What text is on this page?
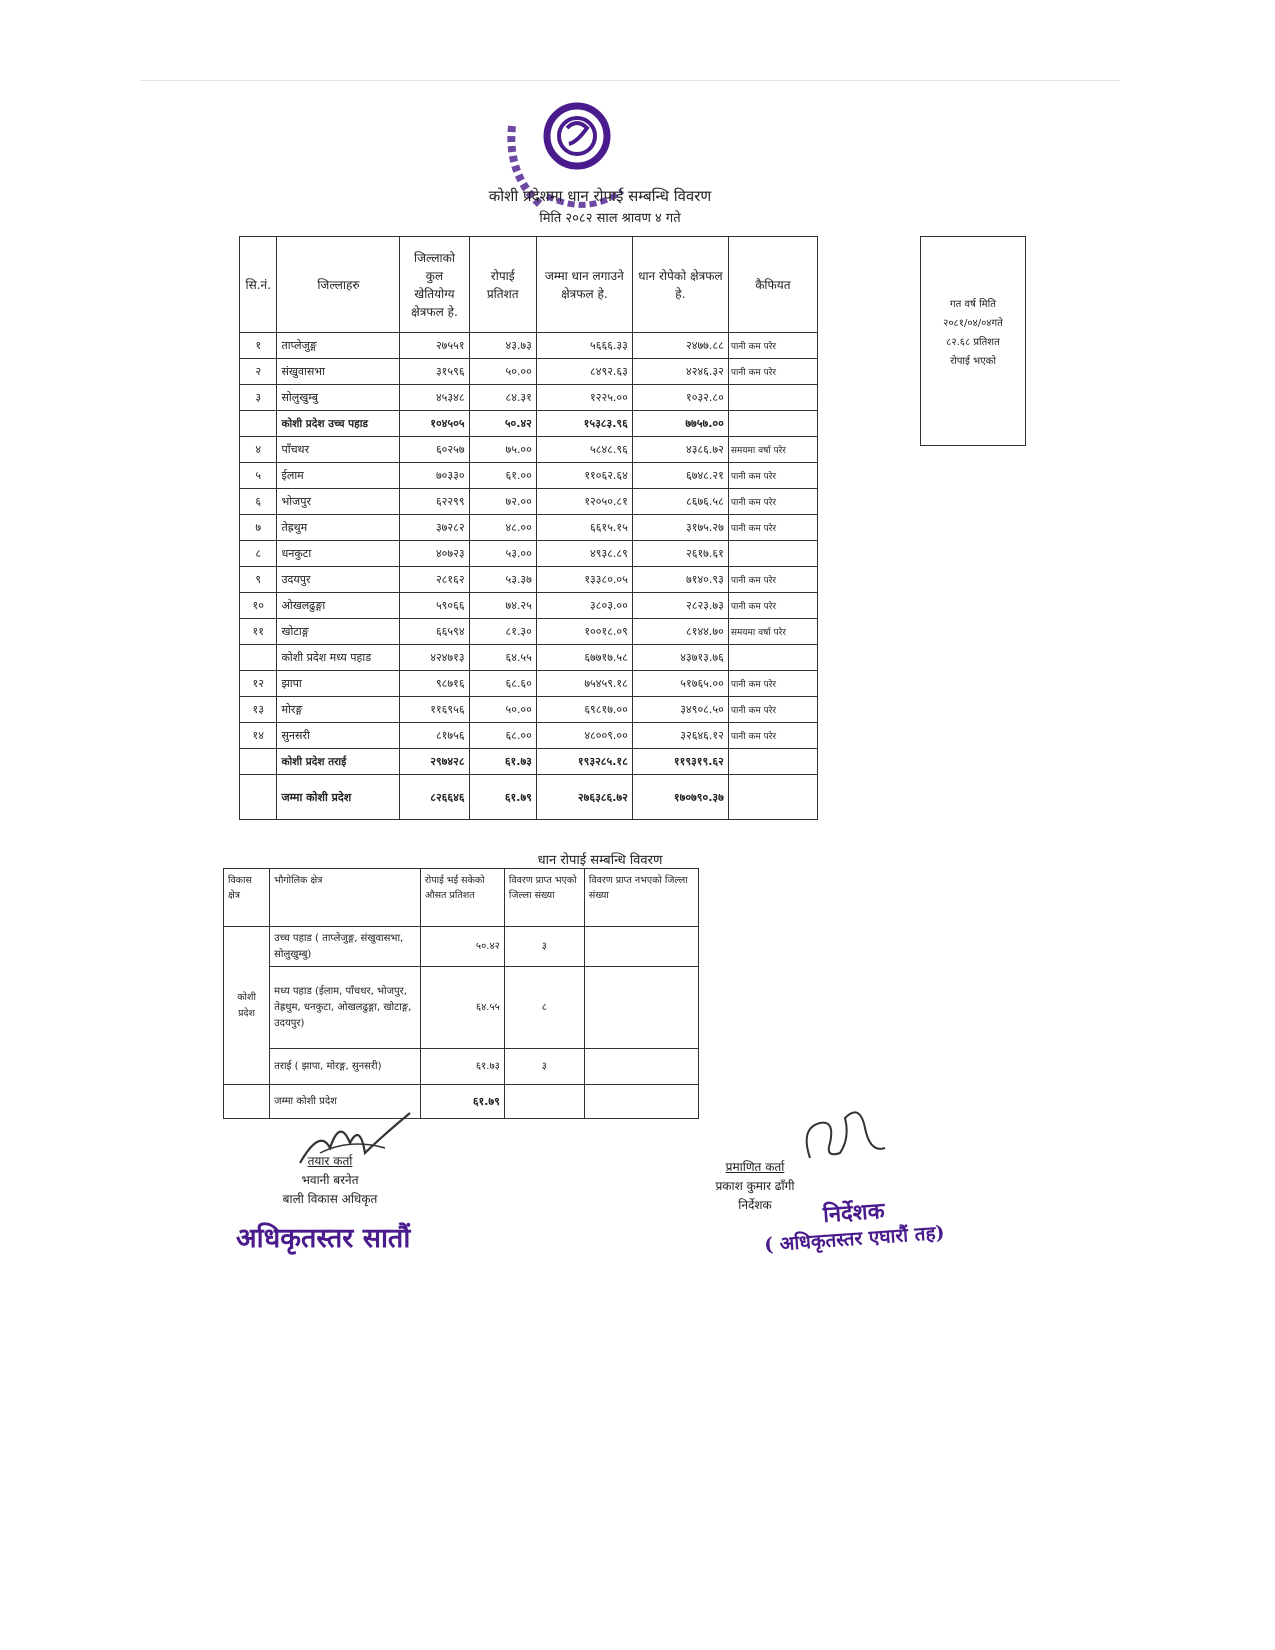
कोशी प्रदेशमा धान रोपाई सम्बन्धि विवरण
मिति २०८२ साल श्रावण ४ गते
सि.नं.	जिल्लाहरु	जिल्लाको कुल खेतियोग्य क्षेत्रफल हे.	रोपाई प्रतिशत	जम्मा धान लगाउने क्षेत्रफल हे.	धान रोपेको क्षेत्रफल हे.	कैफियत
१	ताप्लेजुङ्ग	२७५५१	४३.७३	५६६६.३३	२४७७.८८	पानी कम परेर
२	संखुवासभा	३१५९६	५०.००	८४९२.६३	४२४६.३२	पानी कम परेर
३	सोलुखुम्बु	४५३४८	८४.३१	१२२५.००	१०३२.८०	
	कोशी प्रदेश उच्च पहाड	१०४५०५	५०.४२	१५३८३.९६	७७५७.००	
४	पाँचथर	६०२५७	७५.००	५८४८.९६	४३८६.७२	समयमा वर्षा परेर
५	ईलाम	७०३३०	६१.००	११०६२.६४	६७४८.२१	पानी कम परेर
६	भोजपुर	६२२९९	७२.००	१२०५०.८१	८६७६.५८	पानी कम परेर
७	तेह्रथुम	३७२८२	४८.००	६६१५.१५	३१७५.२७	पानी कम परेर
८	धनकुटा	४०७२३	५३.००	४९३८.८९	२६१७.६१	
९	उदयपुर	२८१६२	५३.३७	१३३८०.०५	७१४०.९३	पानी कम परेर
१०	ओखलढुङ्गा	५९०६६	७४.२५	३८०३.००	२८२३.७३	पानी कम परेर
११	खोटाङ्ग	६६५९४	८१.३०	१००१८.०९	८१४४.७०	समयमा वर्षा परेर
	कोशी प्रदेश मध्य पहाड	४२४७१३	६४.५५	६७७१७.५८	४३७१३.७६	
१२	झापा	९८७१६	६८.६०	७५४५९.१८	५१७६५.००	पानी कम परेर
१३	मोरङ्ग	११६९५६	५०.००	६९८१७.००	३४९०८.५०	पानी कम परेर
१४	सुनसरी	८१७५६	६८.००	४८००९.००	३२६४६.१२	पानी कम परेर
	कोशी प्रदेश तराई	२९७४२८	६१.७३	१९३२८५.१८	११९३१९.६२	
	जम्मा कोशी प्रदेश	८२६६४६	६१.७९	२७६३८६.७२	१७०७९०.३७	
गत वर्ष मिति
२०८१/०४/०४गते
८२.६८ प्रतिशत
रोपाई भएको
धान रोपाई सम्बन्धि विवरण
विकास क्षेत्र	भौगोलिक क्षेत्र	रोपाई भई सकेको औसत प्रतिशत	विवरण प्राप्त भएको जिल्ला संख्या	विवरण प्राप्त नभएको जिल्ला संख्या
कोशी प्रदेश	उच्च पहाड ( ताप्लेजुङ्ग, संखुवासभा, सोलुखुम्बु)	५०.४२	३	
	मध्य पहाड (ईलाम, पाँचथर, भोजपुर, तेह्रथुम, धनकुटा, ओखलढुङ्गा, खोटाङ्ग, उदयपुर)	६४.५५	८	
	तराई ( झापा, मोरङ्ग, सुनसरी)	६१.७३	३	
	जम्मा कोशी प्रदेश	६१.७९		
तयार कर्ता
भवानी बरनेत
बाली विकास अधिकृत
अधिकृतस्तर सातौं
प्रमाणित कर्ता
प्रकाश कुमार ढाँगी
निर्देशक	निर्देशक
( अधिकृतस्तर एघारौं तह)
